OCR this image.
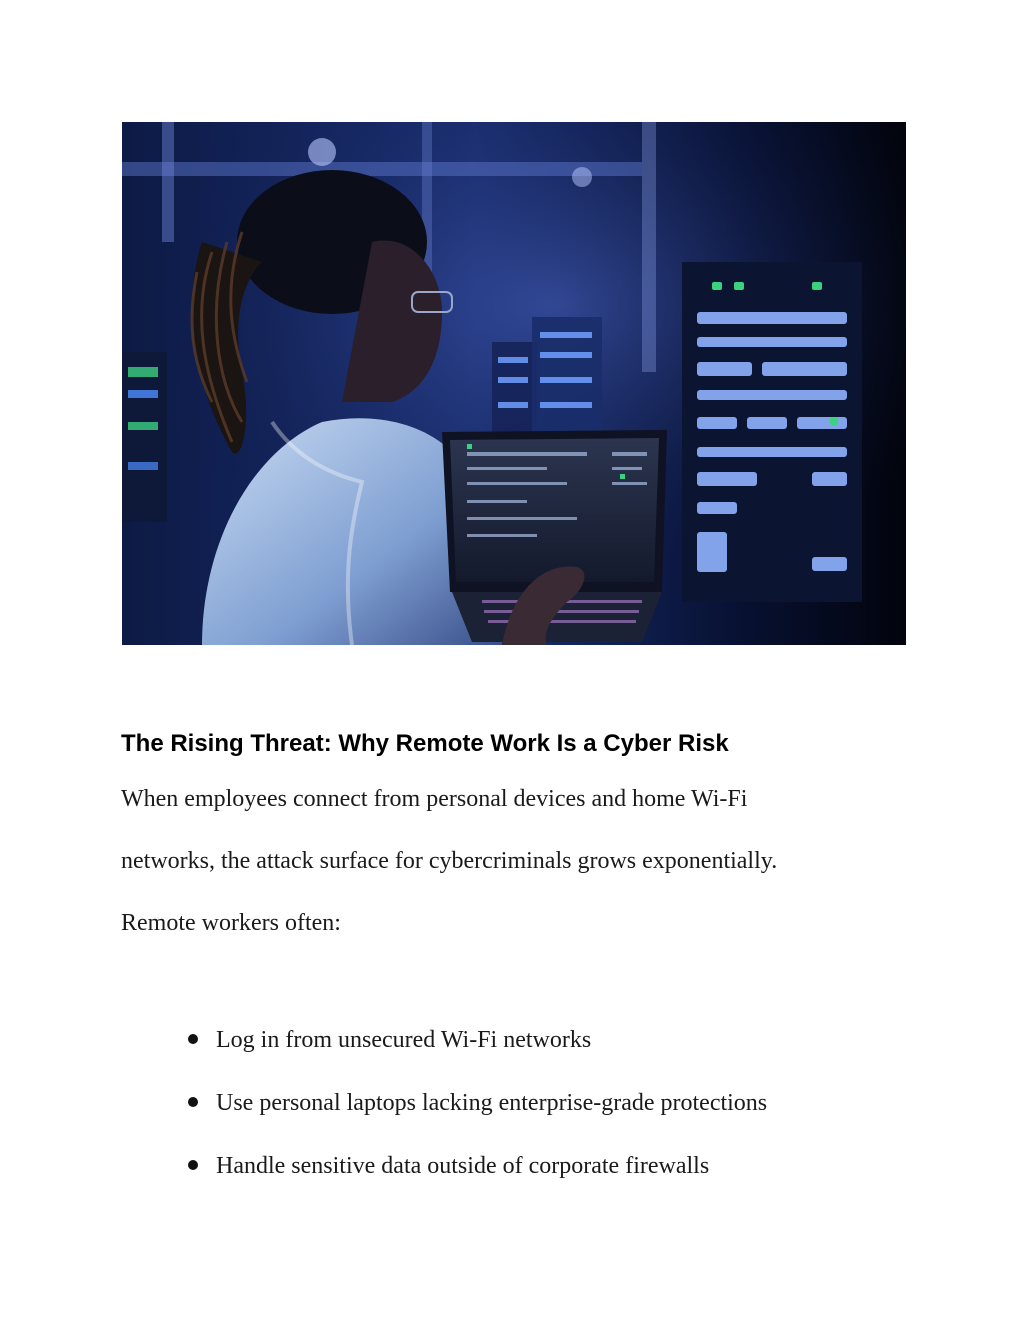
The Rising Threat: Why Remote Work Is a Cyber Risk

When employees connect from personal devices and home Wi‑Fi
networks, the attack surface for cybercriminals grows exponentially.
Remote workers often:

Log in from unsecured Wi‑Fi networks
Use personal laptops lacking enterprise-grade protections
Handle sensitive data outside of corporate firewalls
